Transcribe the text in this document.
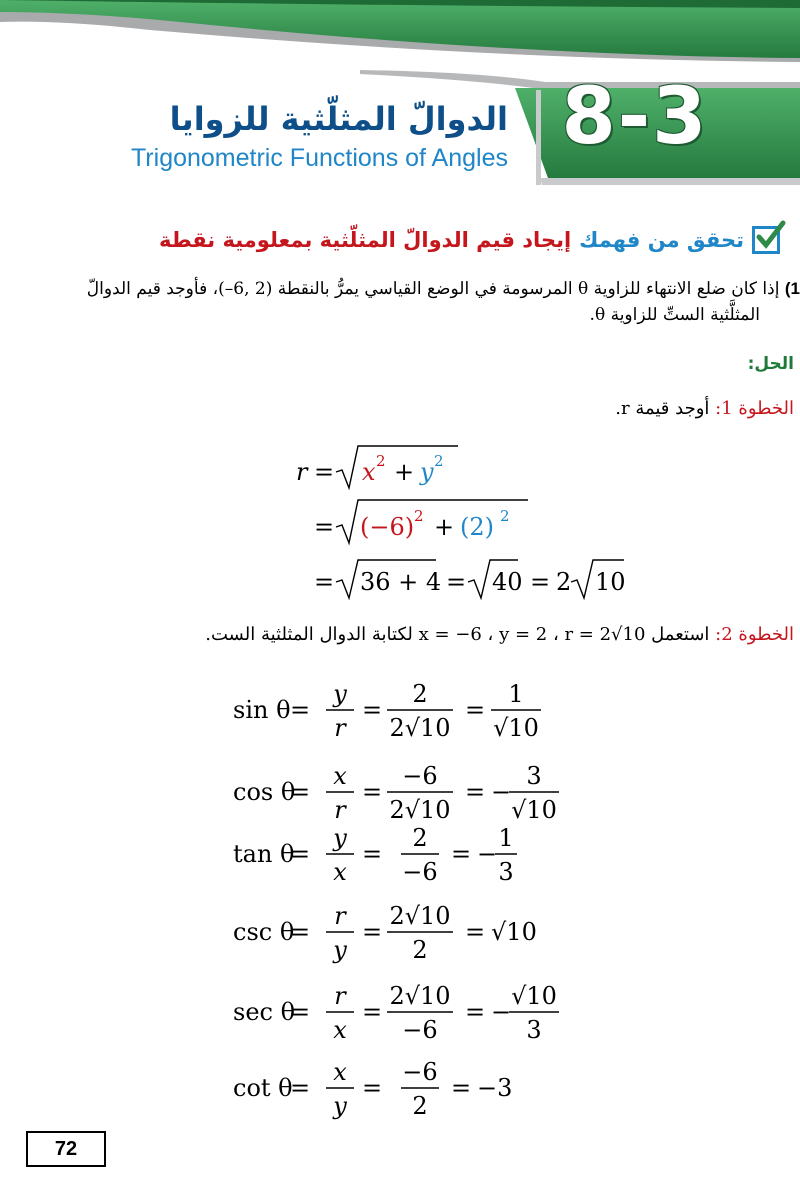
8-3
الدوالّ المثلّثية للزوايا
Trigonometric Functions of Angles
تحقق من فهمك
إيجاد قيم الدوالّ المثلّثية بمعلومية نقطة
1) إذا كان ضلع الانتهاء للزاوية θ المرسومة في الوضع القياسي يمرُّ بالنقطة (2 ,6–)، فأوجد قيم الدوالّ
المثلَّثية الستِّ للزاوية θ.
الحل:
الخطوة 1: أوجد قيمة r.
الخطوة 2: استعمل x = −6 ، y = 2 ، r = 2√10 لكتابة الدوال المثلثية الست.
r = x 2 + y 2
= (−6) 2 + (2) 2
= 36 + 4 = 40 = 2 10
sin θ =
y
r
=
2
2√10
=
1
√10
cos θ
=
x
r
=
−6
2√10
= −
3
√10
tan θ
=
y
x
=
2
−6
= −
1
3
csc θ
=
r
y
=
2√10
2
= √10
sec θ
=
r
x
=
2√10
−6
= −
√10
3
cot θ
=
x
y
=
−6
2
= −3
72
